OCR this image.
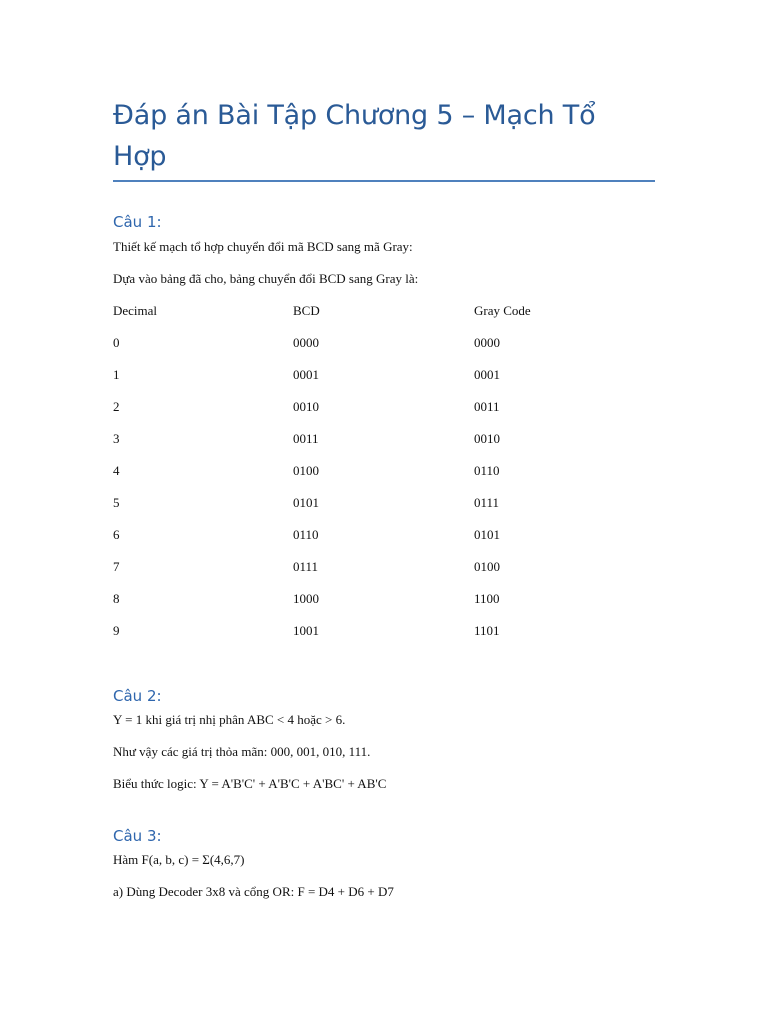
Đáp án Bài Tập Chương 5 – Mạch Tổ Hợp
Câu 1:
Thiết kế mạch tổ hợp chuyển đổi mã BCD sang mã Gray:
Dựa vào bảng đã cho, bảng chuyển đổi BCD sang Gray là:
Decimal	BCD	Gray Code
0	0000	0000
1	0001	0001
2	0010	0011
3	0011	0010
4	0100	0110
5	0101	0111
6	0110	0101
7	0111	0100
8	1000	1100
9	1001	1101
Câu 2:
Y = 1 khi giá trị nhị phân ABC < 4 hoặc > 6.
Như vậy các giá trị thỏa mãn: 000, 001, 010, 111.
Biểu thức logic: Y = A'B'C' + A'B'C + A'BC' + AB'C
Câu 3:
Hàm F(a, b, c) = Σ(4,6,7)
a) Dùng Decoder 3x8 và cổng OR: F = D4 + D6 + D7
